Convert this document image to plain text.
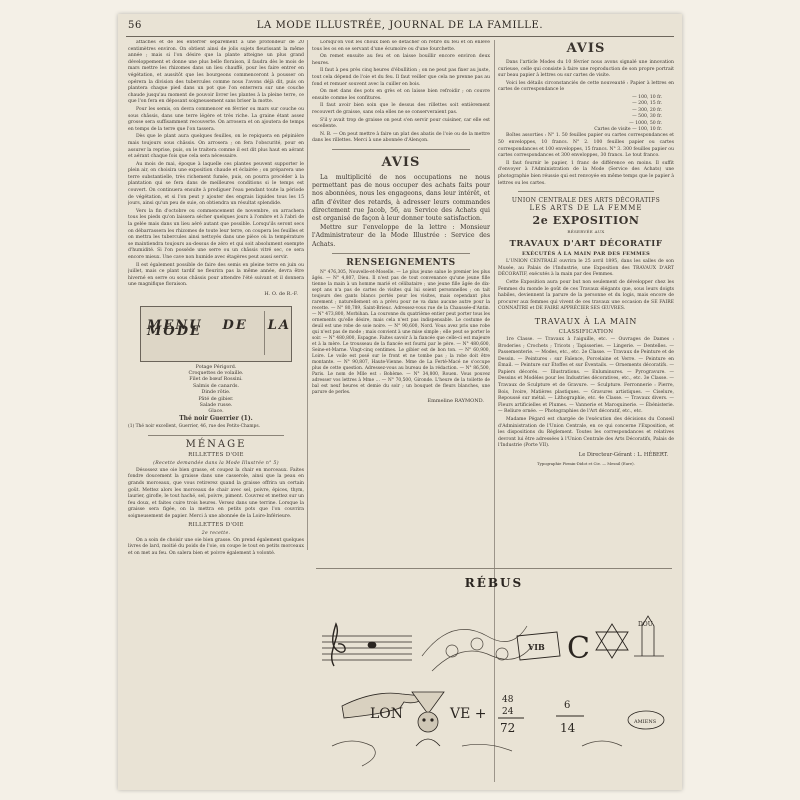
56	LA MODE ILLUSTRÉE, JOURNAL DE LA FAMILLE.

attachés et de les enterrer séparément à une profondeur de 20 centimètres environ. On obtient ainsi de jolis sujets fleurissant la même année ; mais si l'on désire que la plante atteigne un plus grand développement et donne une plus belle floraison, il faudra dès le mois de mars mettre les rhizomes dans un lieu chauffé, pour les faire entrer en végétation, et aussitôt que les bourgeons commenceront à pousser on opérera la division des tubercules comme nous l'avons déjà dit, puis on plantera chaque pied dans un pot que l'on enterrera sur une couche chaude jusqu'au moment de pouvoir livrer les plantes à la pleine terre, ce que l'on fera en déposant soigneusement sans briser la motte.

Pour les semis, on devra commencer en février ou mars sur couche ou sous châssis, dans une terre légère et très riche. La graine étant assez grosse sera suffisamment recouverte. On arrosera et on ajoutera de temps en temps de la terre que l'on tassera.

Dès que le plant aura quelques feuilles, on le repiquera en pépinière mais toujours sous châssis. On arrosera ; on fera l'obscurité, pour en assurer la reprise, puis, on le traitera comme il est dit plus haut en aérant et aérant chaque fois que cela sera nécessaire.

Au mois de mai, époque à laquelle ces plantes peuvent supporter le plein air, on choisira une exposition chaude et éclairée ; on préparera une terre substantielle, très richement fumée, puis, on pourra procéder à la plantation qui se fera dans de meilleures conditions si le temps est couvert. On continuera ensuite à prodiguer l'eau pendant toute la période de végétation, et si l'on peut y ajouter des engrais liquides tous les 15 jours, ainsi qu'un peu de suie, on obtiendra un résultat splendide.

Vers la fin d'octobre ou commencement de novembre, on arrachera tous les pieds qu'on laissera sécher quelques jours à l'ombre et à l'abri de la gelée mais dans un lieu aéré autant que possible. Lorsqu'ils seront secs on débarrassera les rhizomes de toute leur terre, on coupera les feuilles et on mettra les tubercules ainsi nettoyés dans une pièce où la température se maintiendra toujours au-dessus de zéro et qui soit absolument exempte d'humidité. Si l'on possède une serre ou un châssis vitré sec, ce sera encore mieux. Une cave non humide avec étagères peut aussi servir.

Il est également possible de faire des semis en pleine terre en juin ou juillet, mais ce plant tardif ne fleurira pas la même année, devra être hiverné en serre ou sous châssis pour attendre l'été suivant et il donnera une magnifique floraison.

H. O. de R.-F.
MENU DE LA MODE
Potage Périgord.
Croquettes de volaille.
Filet de bœuf Rossini.
Salmis de canards.
Dinde rôtie.
Pâté de gibier.
Salade russe.
Glace.
Thé noir Guerrier (1).
(1) Thé noir excellent, Guerrier, 46, rue des Petits-Champs.
MÉNAGE
RILLETTES D'OIE
(Recette demandée dans la Mode Illustrée n° 5)

Désossez une oie bien grasse, et coupez la chair en morceaux. Faites fondre doucement la graisse dans une casserole, ainsi que la peau en grands morceaux, que vous retirerez quand la graisse offrira un certain goût. Mettez alors les morceaux de chair avec sel, poivre, épices, thym, laurier, girofle, le tout haché, sel, poivre, piment. Couvrez et mettez sur un feu doux, et faites cuire trois heures. Versez dans une terrine. Lorsque la graisse sera figée, on la mettra en petits pots que l'on couvrira soigneusement de papier. Merci à une abonnée de la Loire-Inférieure.

RILLETTES D'OIE
2e recette.

On a soin de choisir une oie bien grasse. On prend également quelques livres de lard, moitié du poids de l'oie, on coupe le tout en petits morceaux et on met au feu. On salera bien et poivre également à volonté.

Lorsqu'on voit les choux bien se détacher on retire du feu et on enlève tous les os en se servant d'une écumoire ou d'une fourchette.

On remet ensuite au feu et on laisse bouillir encore environ deux heures.

Il faut à peu près cinq heures d'ébullition ; on ne peut pas fixer au juste, tout cela dépend de l'oie et du feu. Il faut veiller que cela ne prenne pas au fond et remuer souvent avec la cuiller en bois.

On met dans des pots en grès et on laisse bien refroidir ; on couvre ensuite comme les confitures.

Il faut avoir bien soin que le dessus des rillettes soit entièrement recouvert de graisse, sans cela elles ne se conserveraient pas.

S'il y avait trop de graisse on peut s'en servir pour cuisiner, car elle est excellente.

N. B. — On peut mettre à faire un plat des abatis de l'oie ou de la mettre dans les rillettes. Merci à une abonnée d'Alençon.

AVIS

La multiplicité de nos occupations ne nous permettant pas de nous occuper des achats faits pour nos abonnées, nous les engageons, dans leur intérêt, et afin d'éviter des retards, à adresser leurs commandes directement rue Jacob, 56, au Service des Achats qui est organisé de façon à leur donner toute satisfaction.

Mettre sur l'enveloppe de la lettre : Monsieur l'Administrateur de la Mode Illustrée : Service des Achats.

RENSEIGNEMENTS

N° 476,305, Nouvelle-et-Moselle. — Le plus jeune salue le premier les plus âgés. — N° 4,807, Dieu. Il n'est pas de tout convenance qu'une jeune fille tienne la main à un homme marié et célibataire ; une jeune fille âgée de dix-sept ans n'a pas de cartes de visites qui lui soient personnelles ; on tait toujours des gants blancs portés pour les visites, mais cependant plus rarement ; naturellement on a prévu pour ne va dans aucune autre pour la recette. — N° 80,789, Saint-Brieuc. Adressez-vous rue de la Chaussée-d'Antin. — N° 473,800, Morbihan. La couronne du quatrième entier peut porter tous les ornements qu'elle désire, mais cela n'est pas indispensable. Le costume de deuil est une robe de soie noire. — N° 90,600, Nord. Vous avez pris une robe qui n'est pas de mode ; mais convient à une mise simple ; elle peut se porter le soir. — N° 480,800, Espagne. Faites savoir à la fiancée que celle-ci est majeure et à la mère. Le trousseau de la fiancée est fourni par le père. — N° 480,600, Seine-et-Marne. Vingt-cinq centimes. Le gibier est de bon ton. — N° 60,900, Loire. Le voile est posé sur le front et ne tombe pas ; la robe doit être montante. — N° 90,807, Haute-Vienne. Mme de La Ferté-Macé ne s'occupe plus de cette question. Adressez-vous au bureau de la rédaction. — N° 86,500, Paris. Le nom de Mlle est : Bohème. — N° 34,800, Rouen. Vous pouvez adresser vos lettres à Mme ... — N° 70,500, Gironde. L'heure de la toilette de bal est neuf heures et demie du soir ; un bouquet de fleurs blanches, une parure de perles.

Emmeline RAYMOND.
AVIS

Dans l'article Modes du 10 février nous avons signalé une innovation curieuse, celle qui consiste à faire une reproduction de son propre portrait sur beau papier à lettres ou sur cartes de visite.

Voici les détails circonstanciés de cette nouveauté : Papier à lettres en cartes de correspondance le

— 100, 10 fr.
— 200, 15 fr.
— 300, 20 fr.
— 500, 30 fr.
— 1000, 50 fr.
Cartes de visite — 100, 10 fr.

Boîtes assorties : N° 1. 50 feuilles papier ou cartes correspondances et 50 enveloppes, 10 francs. N° 2. 100 feuilles papier ou cartes correspondances et 100 enveloppes, 15 francs. N° 3. 300 feuilles papier ou cartes correspondances et 300 enveloppes, 30 francs. Le tout franco.

Il faut fournir le papier, 1 franc de différence en moins. Il suffit d'envoyer à l'Administration de la Mode (Service des Achats) une photographie bien réussie qui est renvoyée en même temps que le papier à lettres ou les cartes.

UNION CENTRALE DES ARTS DÉCORATIFS
LES ARTS DE LA FEMME
2e EXPOSITION
RÉSERVÉE AUX
TRAVAUX D'ART DÉCORATIF
EXÉCUTÉS À LA MAIN PAR DES FEMMES

L'UNION CENTRALE ouvrira le 25 avril 1895, dans les salles de son Musée, au Palais de l'Industrie, une Exposition des TRAVAUX D'ART DÉCORATIF, exécutés à la main par des Femmes.

Cette Exposition aura pour but non seulement de développer chez les Femmes du monde le goût de ces Travaux élégants que, sous leurs doigts habiles, deviennent la parure de la personne et du logis, mais encore de procurer aux femmes qui vivent de ces travaux une occasion de SE FAIRE CONNAÎTRE et DE FAIRE APPRÉCIER SES ŒUVRES.

TRAVAUX À LA MAIN
CLASSIFICATION

1re Classe. — Travaux à l'aiguille, etc. — Ouvrages de Dames : Broderies ; Crochets ; Tricots ; Tapisseries. — Lingerie. — Dentelles. — Passementerie. — Modes, etc., etc. 2e Classe. — Travaux de Peinture et de Dessin. — Peintures : sur Faïence, Porcelaine et Verre. — Peinture en Émail. — Peinture sur Étoffes et sur Éventails. — Ornements décoratifs. — Papiers décorés. — Illustrations. — Enluminures. — Pyrogravure. — Dessins et Modèles pour les Industries décoratives, etc., etc. 3e Classe. — Travaux de Sculpture et de Gravure. — Sculpture. Ferronnerie : Pierre, Bois, Ivoire, Matières plastiques. — Gravures artistiques. — Ciselure, Repoussé sur métal. — Lithographie, etc. 4e Classe. — Travaux divers. — Fleurs artificielles et Plumes. — Vannerie et Maroquinerie. — Ébénisterie. — Reliure ornée. — Photographies de l'Art décoratif, etc., etc.

Madame Pégard est chargée de l'exécution des décisions du Conseil d'Administration de l'Union Centrale, en ce qui concerne l'Exposition, et les dispositions du Règlement. Toutes les correspondances et relatives devront lui être adressées à l'Union Centrale des Arts Décoratifs, Palais de l'Industrie (Porte VII).

Le Directeur-Gérant : L. HÉBERT.
Typographie Firmin-Didot et Cie. — Mesnil (Eure).
RÉBUS
VIB C
DOU
AMIENS
LON	VE +
48
24
72
6
14
